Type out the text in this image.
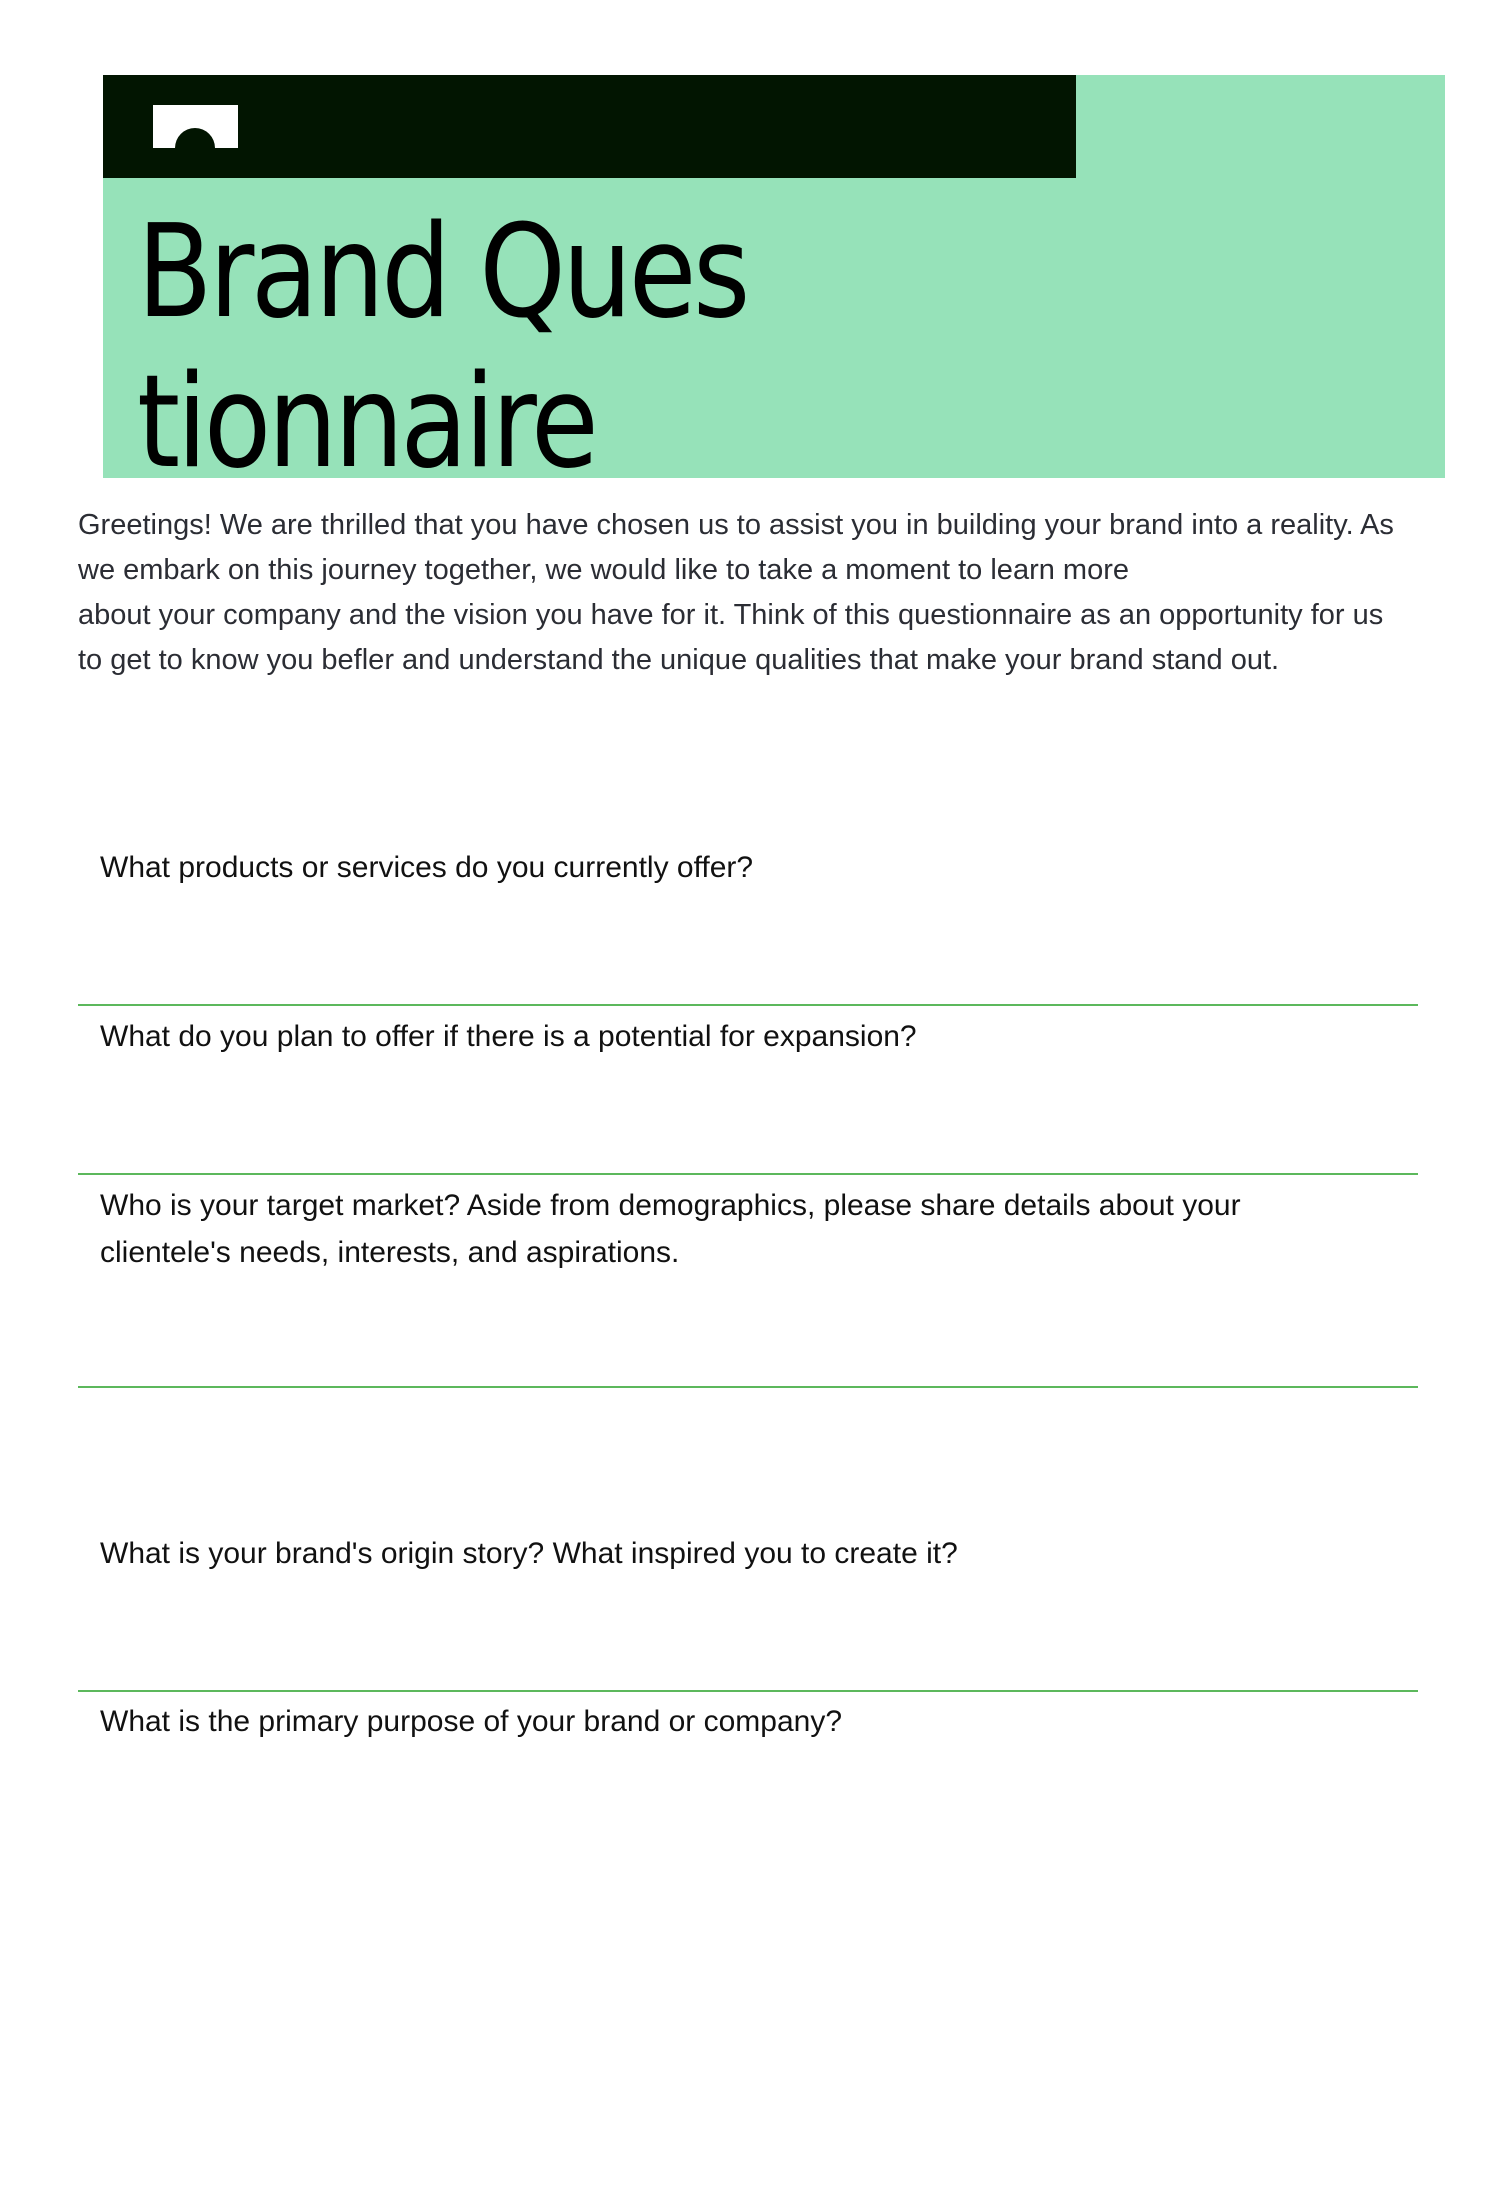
Brand Questionnaire

Greetings! We are thrilled that you have chosen us to assist you in building your brand into a reality. As we embark on this journey together, we would like to take a moment to learn more

about your company and the vision you have for it. Think of this questionnaire as an opportunity for us to get to know you befler and understand the unique qualities that make your brand stand out.

What products or services do you currently offer?

What do you plan to offer if there is a potential for expansion?

Who is your target market? Aside from demographics, please share details about your clientele's needs, interests, and aspirations.

What is your brand's origin story? What inspired you to create it?

What is the primary purpose of your brand or company?
